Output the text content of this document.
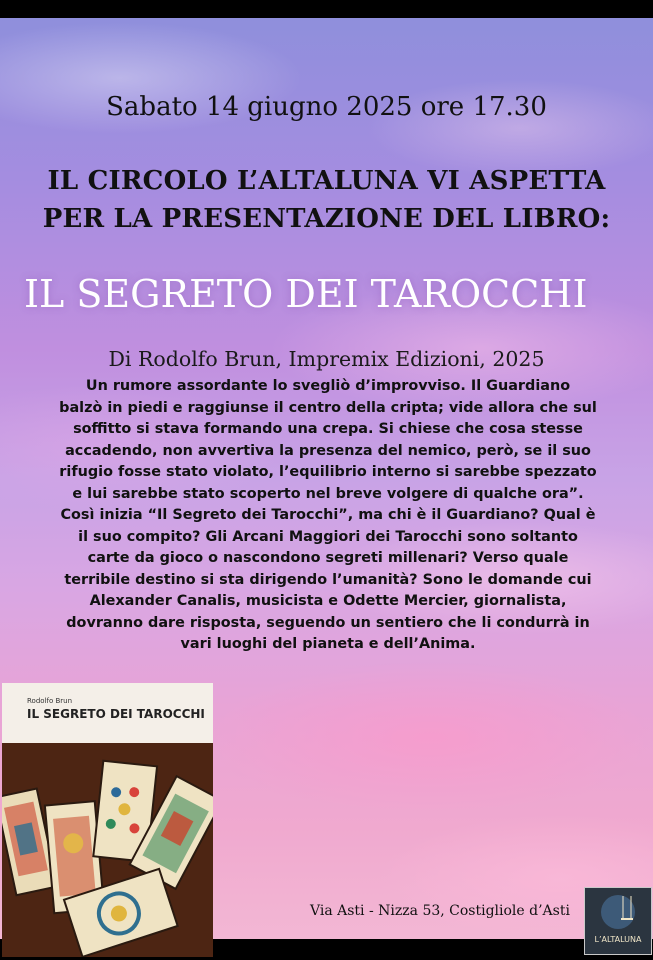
Sabato 14 giugno 2025 ore 17.30
IL CIRCOLO L’ALTALUNA VI ASPETTA
PER LA PRESENTAZIONE DEL LIBRO:
IL SEGRETO DEI TAROCCHI
Di Rodolfo Brun, Impremix Edizioni, 2025
Un rumore assordante lo svegliò d’improvviso. Il Guardiano
balzò in piedi e raggiunse il centro della cripta; vide allora che sul
soffitto si stava formando una crepa. Si chiese che cosa stesse
accadendo, non avvertiva la presenza del nemico, però, se il suo
rifugio fosse stato violato, l’equilibrio interno si sarebbe spezzato
e lui sarebbe stato scoperto nel breve volgere di qualche ora”.
Così inizia “Il Segreto dei Tarocchi”, ma chi è il Guardiano? Qual è
il suo compito? Gli Arcani Maggiori dei Tarocchi sono soltanto
carte da gioco o nascondono segreti millenari? Verso quale
terribile destino si sta dirigendo l’umanità? Sono le domande cui
Alexander Canalis, musicista e Odette Mercier, giornalista,
dovranno dare risposta, seguendo un sentiero che li condurrà in
vari luoghi del pianeta e dell’Anima.
Rodolfo Brun
IL SEGRETO DEI TAROCCHI
Via Asti - Nizza 53, Costigliole d’Asti
L’ALTALUNA
